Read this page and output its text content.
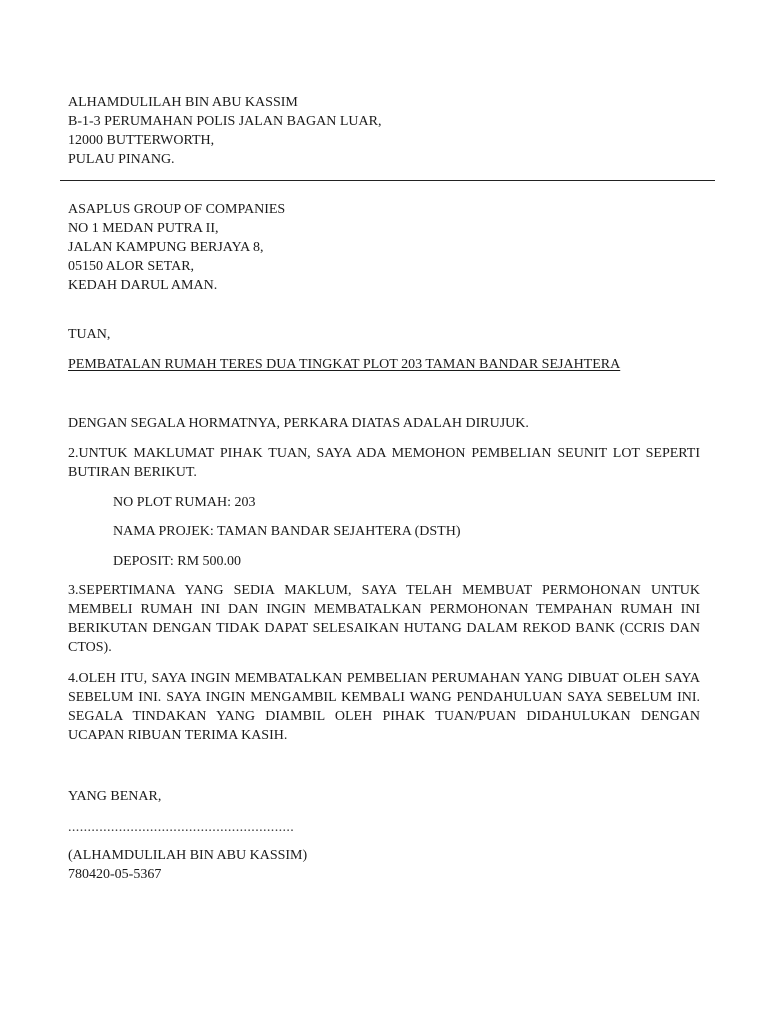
ALHAMDULILAH BIN ABU KASSIM
B-1-3 PERUMAHAN POLIS JALAN BAGAN LUAR,
12000 BUTTERWORTH,
PULAU PINANG.
ASAPLUS GROUP OF COMPANIES
NO 1 MEDAN PUTRA II,
JALAN KAMPUNG BERJAYA 8,
05150 ALOR SETAR,
KEDAH DARUL AMAN.
TUAN,
PEMBATALAN RUMAH TERES DUA TINGKAT PLOT 203 TAMAN BANDAR SEJAHTERA
DENGAN SEGALA HORMATNYA, PERKARA DIATAS ADALAH DIRUJUK.
2.UNTUK MAKLUMAT PIHAK TUAN, SAYA ADA MEMOHON PEMBELIAN SEUNIT LOT SEPERTI BUTIRAN BERIKUT.
NO PLOT RUMAH: 203
NAMA PROJEK: TAMAN BANDAR SEJAHTERA (DSTH)
DEPOSIT: RM 500.00
3.SEPERTIMANA YANG SEDIA MAKLUM, SAYA TELAH MEMBUAT PERMOHONAN UNTUK MEMBELI RUMAH INI DAN INGIN MEMBATALKAN PERMOHONAN TEMPAHAN RUMAH INI BERIKUTAN DENGAN TIDAK DAPAT SELESAIKAN HUTANG DALAM REKOD BANK (CCRIS DAN CTOS).
4.OLEH ITU, SAYA INGIN MEMBATALKAN PEMBELIAN PERUMAHAN YANG DIBUAT OLEH SAYA SEBELUM INI. SAYA INGIN MENGAMBIL KEMBALI WANG PENDAHULUAN SAYA SEBELUM INI. SEGALA TINDAKAN YANG DIAMBIL OLEH PIHAK TUAN/PUAN DIDAHULUKAN DENGAN UCAPAN RIBUAN TERIMA KASIH.
YANG BENAR,
..........................................................
(ALHAMDULILAH BIN ABU KASSIM)
780420-05-5367
